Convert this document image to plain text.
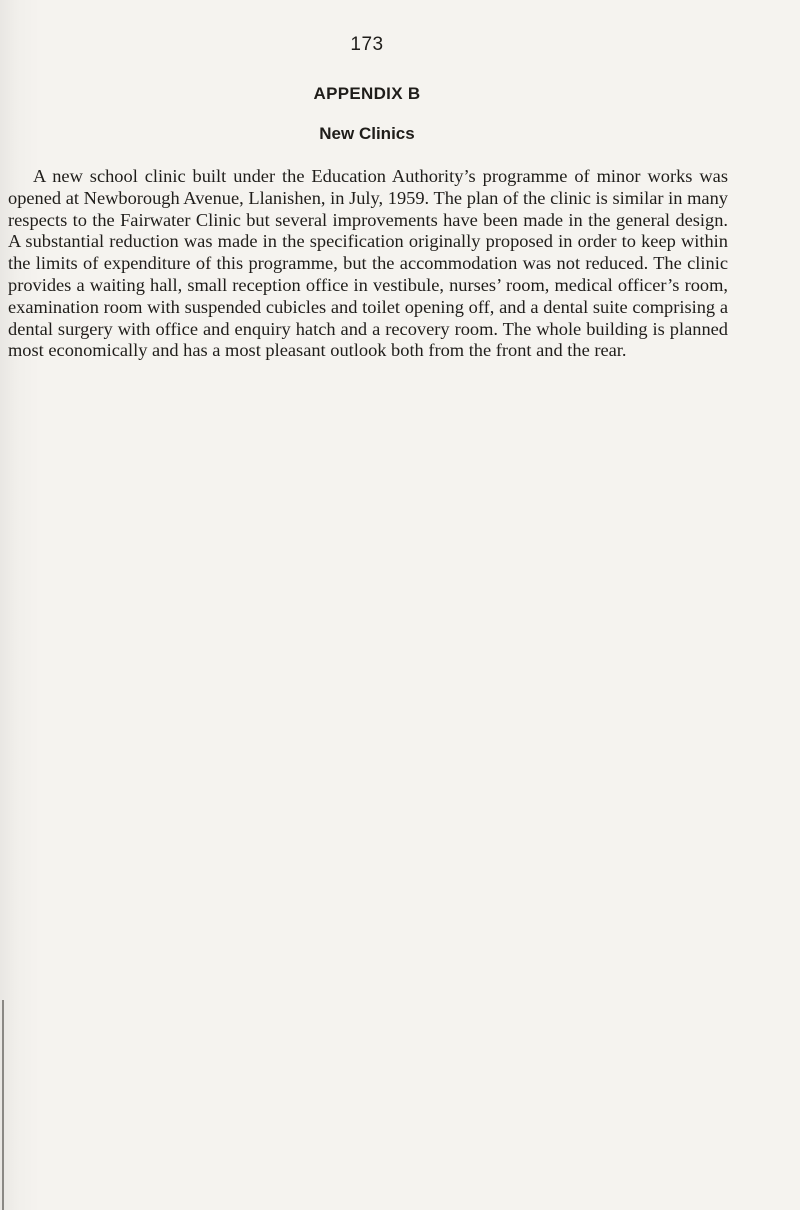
173
APPENDIX B
New Clinics

A new school clinic built under the Education Authority’s programme of minor works was opened at Newborough Avenue, Llanishen, in July, 1959. The plan of the clinic is similar in many respects to the Fairwater Clinic but several improvements have been made in the general design. A substantial reduction was made in the specification originally proposed in order to keep within the limits of expenditure of this programme, but the accommodation was not reduced. The clinic provides a waiting hall, small reception office in vestibule, nurses’ room, medical officer’s room, examination room with suspended cubicles and toilet opening off, and a dental suite comprising a dental surgery with office and enquiry hatch and a recovery room. The whole building is planned most economically and has a most pleasant outlook both from the front and the rear.
